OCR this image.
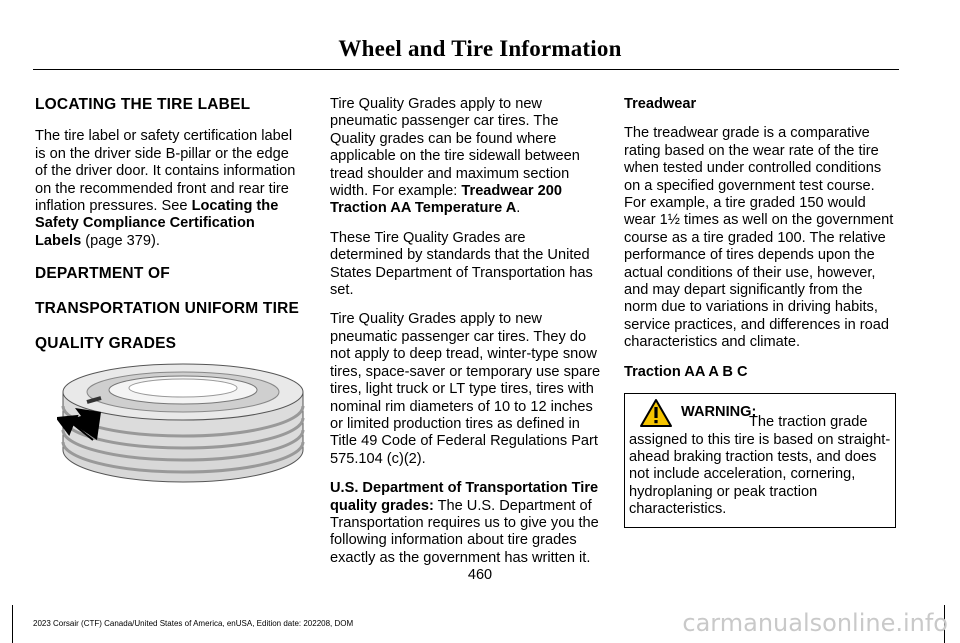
Wheel and Tire Information
LOCATING THE TIRE LABEL

The tire label or safety certification label is on the driver side B-pillar or the edge of the driver door. It contains information on the recommended front and rear tire inflation pressures. See Locating the Safety Compliance Certification Labels (page 379).

DEPARTMENT OF
TRANSPORTATION UNIFORM TIRE
QUALITY GRADES

Tire Quality Grades apply to new pneumatic passenger car tires. The Quality grades can be found where applicable on the tire sidewall between tread shoulder and maximum section width. For example: Treadwear 200 Traction AA Temperature A.

These Tire Quality Grades are determined by standards that the United States Department of Transportation has set.

Tire Quality Grades apply to new pneumatic passenger car tires. They do not apply to deep tread, winter-type snow tires, space-saver or temporary use spare tires, light truck or LT type tires, tires with nominal rim diameters of 10 to 12 inches or limited production tires as defined in Title 49 Code of Federal Regulations Part 575.104 (c)(2).

U.S. Department of Transportation Tire quality grades: The U.S. Department of Transportation requires us to give you the following information about tire grades exactly as the government has written it.

Treadwear

The treadwear grade is a comparative rating based on the wear rate of the tire when tested under controlled conditions on a specified government test course. For example, a tire graded 150 would wear 1½ times as well on the government course as a tire graded 100. The relative performance of tires depends upon the actual conditions of their use, however, and may depart significantly from the norm due to variations in driving habits, service practices, and differences in road characteristics and climate.

Traction AA A B C

WARNING:
The traction grade assigned to this tire is based on straight-ahead braking traction tests, and does not include acceleration, cornering, hydroplaning or peak traction characteristics.
460
2023 Corsair (CTF) Canada/United States of America, enUSA, Edition date: 202208, DOM	carmanualsonline.info
